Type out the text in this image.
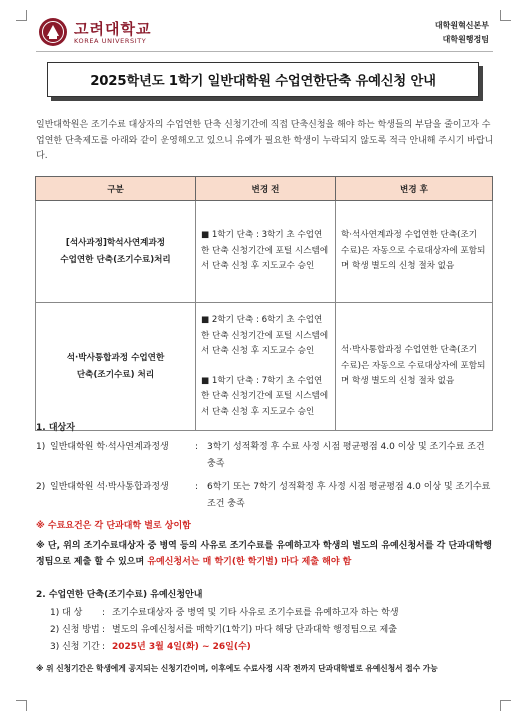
고려대학교
KOREA UNIVERSITY
대학원혁신본부
대학원행정팀
2025학년도 1학기 일반대학원 수업연한단축 유예신청 안내
일반대학원은 조기수료 대상자의 수업연한 단축 신청기간에 직접 단축신청을 해야 하는 학생들의 부담을 줄이고자 수업연한 단축제도를 아래와 같이 운영해오고 있으니 유예가 필요한 학생이 누락되지 않도록 적극 안내해 주시기 바랍니다.
구분	변경 전	변경 후

[석사과정]학석사연계과정
수업연한 단축(조기수료)처리	■ 1학기 단축 : 3학기 초 수업연한 단축 신청기간에 포털 시스템에서 단축 신청 후 지도교수 승인	학·석사연계과정 수업연한 단축(조기 수료)은 자동으로 수료대상자에 포함되며 학생 별도의 신청 절차 없음

석·박사통합과정 수업연한
단축(조기수료) 처리	■ 2학기 단축 : 6학기 초 수업연한 단축 신청기간에 포털 시스템에서 단축 신청 후 지도교수 승인
■ 1학기 단축 : 7학기 초 수업연한 단축 신청기간에 포털 시스템에서 단축 신청 후 지도교수 승인	석·박사통합과정 수업연한 단축(조기 수료)은 자동으로 수료대상자에 포함되며 학생 별도의 신청 절차 없음
1. 대상자
1) 일반대학원 학·석사연계과정생	: 3학기 성적확정 후 수료 사정 시점 평균평점 4.0 이상 및 조기수료 조건 충족
2) 일반대학원 석·박사통합과정생	: 6학기 또는 7학기 성적확정 후 사정 시점 평균평점 4.0 이상 및 조기수료 조건 충족
※ 수료요건은 각 단과대학 별로 상이함
※ 단, 위의 조기수료대상자 중 병역 등의 사유로 조기수료를 유예하고자 학생의 별도의 유예신청서를 각 단과대학행정팀으로 제출 할 수 있으며 유예신청서는 매 학기(한 학기별) 마다 제출 해야 함
2. 수업연한 단축(조기수료) 유예신청안내
1) 대 상	: 조기수료대상자 중 병역 및 기타 사유로 조기수료를 유예하고자 하는 학생
2) 신청 방법 : 별도의 유예신청서를 매학기(1학기) 마다 해당 단과대학 행정팀으로 제출
3) 신청 기간 : 2025년 3월 4일(화) ~ 26일(수)
※ 위 신청기간은 학생에게 공지되는 신청기간이며, 이후에도 수료사정 시작 전까지 단과대학별로 유예신청서 접수 가능
